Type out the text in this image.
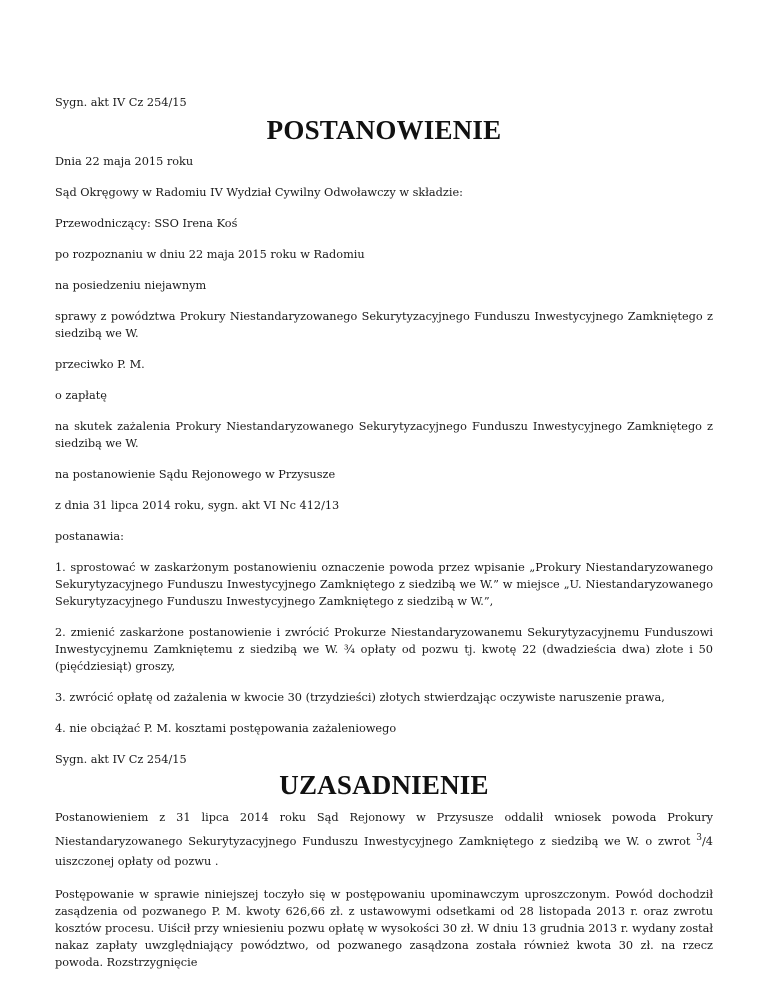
Sygn. akt IV Cz 254/15

POSTANOWIENIE

Dnia 22 maja 2015 roku

Sąd Okręgowy w Radomiu IV Wydział Cywilny Odwoławczy w składzie:

Przewodniczący: SSO Irena Koś

po rozpoznaniu w dniu 22 maja 2015 roku w Radomiu

na posiedzeniu niejawnym

sprawy z powództwa Prokury Niestandaryzowanego Sekurytyzacyjnego Funduszu Inwestycyjnego Zamkniętego z siedzibą we W.

przeciwko P. M.

o zapłatę

na skutek zażalenia Prokury Niestandaryzowanego Sekurytyzacyjnego Funduszu Inwestycyjnego Zamkniętego z siedzibą we W.

na postanowienie Sądu Rejonowego w Przysusze

z dnia 31 lipca 2014 roku, sygn. akt VI Nc 412/13

postanawia:

1. sprostować w zaskarżonym postanowieniu oznaczenie powoda przez wpisanie „Prokury Niestandaryzowanego Sekurytyzacyjnego Funduszu Inwestycyjnego Zamkniętego z siedzibą we W.” w miejsce „U. Niestandaryzowanego Sekurytyzacyjnego Funduszu Inwestycyjnego Zamkniętego z siedzibą w W.”,

2. zmienić zaskarżone postanowienie i zwrócić Prokurze Niestandaryzowanemu Sekurytyzacyjnemu Funduszowi Inwestycyjnemu Zamkniętemu z siedzibą we W. ¾ opłaty od pozwu tj. kwotę 22 (dwadzieścia dwa) złote i 50 (pięćdziesiąt) groszy,

3. zwrócić opłatę od zażalenia w kwocie 30 (trzydzieści) złotych stwierdzając oczywiste naruszenie prawa,

4. nie obciążać P. M. kosztami postępowania zażaleniowego

Sygn. akt IV Cz 254/15

UZASADNIENIE

Postanowieniem z 31 lipca 2014 roku Sąd Rejonowy w Przysusze oddalił wniosek powoda Prokury Niestandaryzowanego Sekurytyzacyjnego Funduszu Inwestycyjnego Zamkniętego z siedzibą we W. o zwrot $^3$/4 uiszczonej opłaty od pozwu .

Postępowanie w sprawie niniejszej toczyło się w postępowaniu upominawczym uproszczonym. Powód dochodził zasądzenia od pozwanego P. M. kwoty 626,66 zł. z ustawowymi odsetkami od 28 listopada 2013 r. oraz zwrotu kosztów procesu. Uiścił przy wniesieniu pozwu opłatę w wysokości 30 zł. W dniu 13 grudnia 2013 r. wydany został nakaz zapłaty uwzględniający powództwo, od pozwanego zasądzona została również kwota 30 zł. na rzecz powoda. Rozstrzygnięcie
